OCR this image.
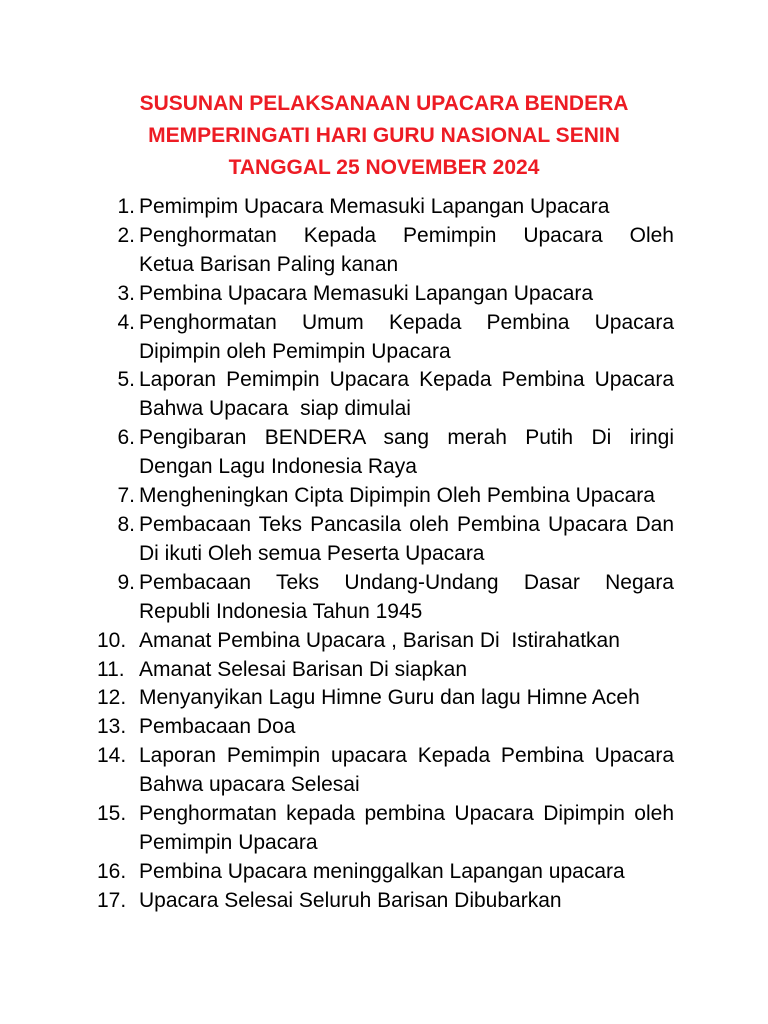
SUSUNAN PELAKSANAAN UPACARA BENDERA
MEMPERINGATI HARI GURU NASIONAL SENIN
TANGGAL 25 NOVEMBER 2024
1. Pemimpim Upacara Memasuki Lapangan Upacara
2. Penghormatan Kepada Pemimpin Upacara Oleh
Ketua Barisan Paling kanan
3. Pembina Upacara Memasuki Lapangan Upacara
4. Penghormatan Umum Kepada Pembina Upacara
Dipimpin oleh Pemimpin Upacara
5. Laporan Pemimpin Upacara Kepada Pembina Upacara
Bahwa Upacara  siap dimulai
6. Pengibaran BENDERA sang merah Putih Di iringi
Dengan Lagu Indonesia Raya
7. Mengheningkan Cipta Dipimpin Oleh Pembina Upacara
8. Pembacaan Teks Pancasila oleh Pembina Upacara Dan
Di ikuti Oleh semua Peserta Upacara
9. Pembacaan Teks Undang-Undang Dasar Negara
Republi Indonesia Tahun 1945
10. Amanat Pembina Upacara , Barisan Di  Istirahatkan
11. Amanat Selesai Barisan Di siapkan
12. Menyanyikan Lagu Himne Guru dan lagu Himne Aceh
13. Pembacaan Doa
14. Laporan Pemimpin upacara Kepada Pembina Upacara
Bahwa upacara Selesai
15. Penghormatan kepada pembina Upacara Dipimpin oleh
Pemimpin Upacara
16. Pembina Upacara meninggalkan Lapangan upacara
17. Upacara Selesai Seluruh Barisan Dibubarkan
